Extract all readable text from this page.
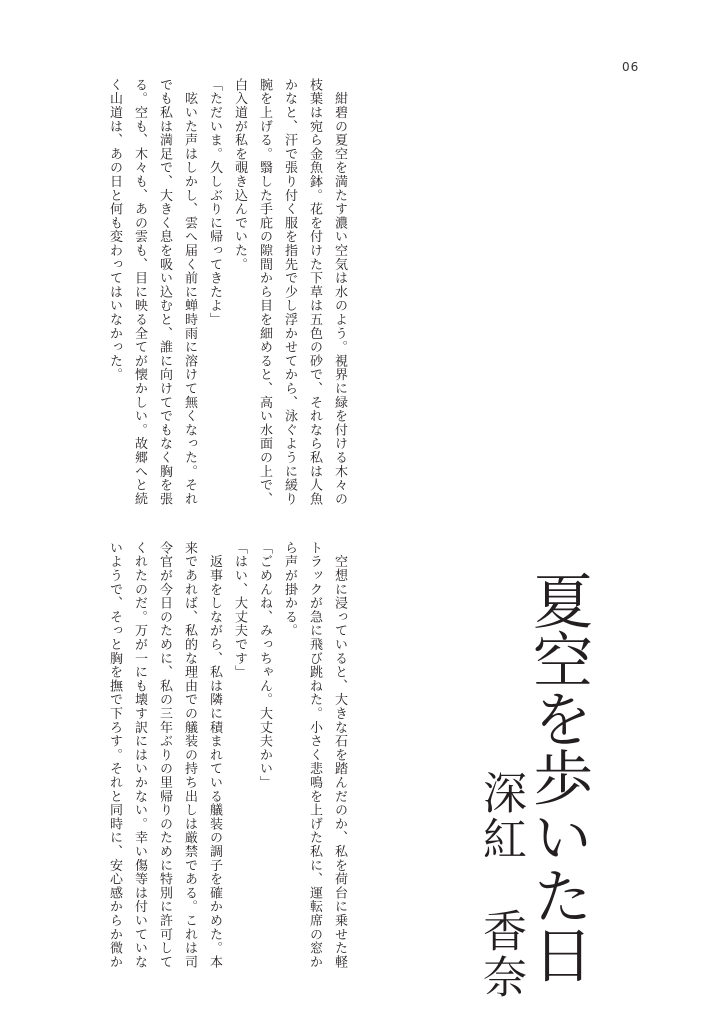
06
　紺碧の夏空を満たす濃い空気は水のよう。視界に緑を付ける木々の
枝葉は宛ら金魚鉢。花を付けた下草は五色の砂で、それなら私は人魚
かなと、汗で張り付く服を指先で少し浮かせてから、泳ぐように緩り
腕を上げる。翳した手庇の隙間から目を細めると、高い水面の上で、
白入道が私を覗き込んでいた。
「ただいま。久しぶりに帰ってきたよ」
　呟いた声はしかし、雲へ届く前に蝉時雨に溶けて無くなった。それ
でも私は満足で、大きく息を吸い込むと、誰に向けてでもなく胸を張
る。空も、木々も、あの雲も、目に映る全てが懐かしい。故郷へと続
く山道は、あの日と何も変わってはいなかった。
　空想に浸っていると、大きな石を踏んだのか、私を荷台に乗せた軽
トラックが急に飛び跳ねた。小さく悲鳴を上げた私に、運転席の窓か
ら声が掛かる。
「ごめんね、みっちゃん。大丈夫かい」
「はい、大丈夫です」
　返事をしながら、私は隣に積まれている艤装の調子を確かめた。本
来であれば、私的な理由での艤装の持ち出しは厳禁である。これは司
令官が今日のために、私の三年ぶりの里帰りのために特別に許可して
くれたのだ。万が一にも壊す訳にはいかない。幸い傷等は付いていな
いようで、そっと胸を撫で下ろす。それと同時に、安心感からか微か	夏空を歩いた日
深紅　香奈
